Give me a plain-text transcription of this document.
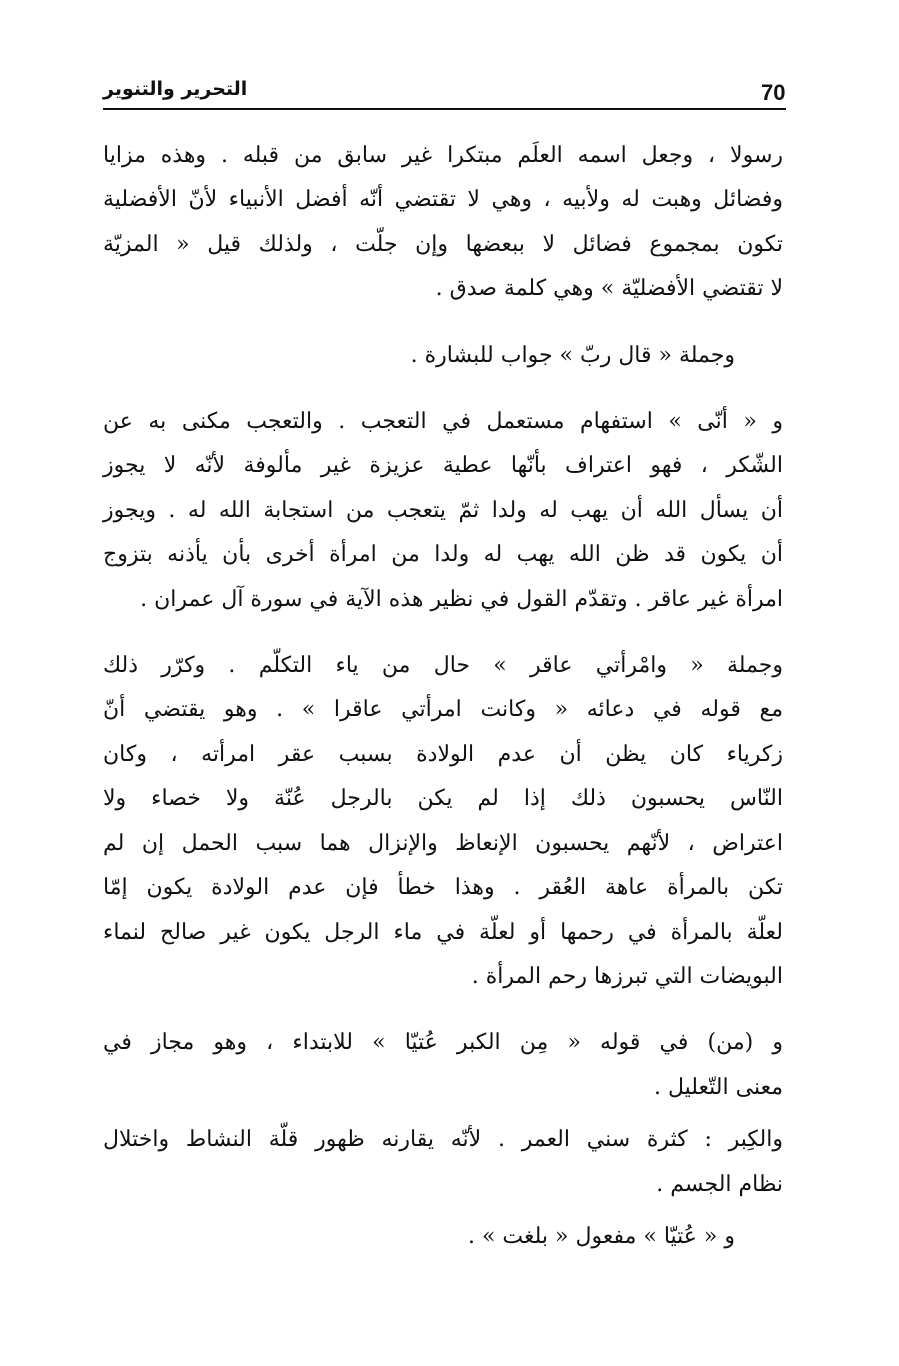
70
التحرير والتنوير
رسولا ، وجعل اسمه العلَم مبتكرا غير سابق من قبله . وهذه مزايا
وفضائل وهبت له ولأبيه ، وهي لا تقتضي أنّه أفضل الأنبياء لأنّ الأفضلية
تكون بمجموع فضائل لا ببعضها وإن جلّت ، ولذلك قيل « المزيّة
لا تقتضي الأفضليّة » وهي كلمة صدق .
وجملة « قال ربّ » جواب للبشارة .
و « أنّى » استفهام مستعمل في التعجب . والتعجب مكنى به عن
الشّكر ، فهو اعتراف بأنّها عطية عزيزة غير مألوفة لأنّه لا يجوز
أن يسأل الله أن يهب له ولدا ثمّ يتعجب من استجابة الله له . ويجوز
أن يكون قد ظن الله يهب له ولدا من امرأة أخرى بأن يأذنه بتزوج
امرأة غير عاقر . وتقدّم القول في نظير هذه الآية في سورة آل عمران .
وجملة « وامْرأتي عاقر » حال من ياء التكلّم . وكرّر ذلك
مع قوله في دعائه « وكانت امرأتي عاقرا » . وهو يقتضي أنّ
زكرياء كان يظن أن عدم الولادة بسبب عقر امرأته ، وكان
النّاس يحسبون ذلك إذا لم يكن بالرجل عُنّة ولا خصاء ولا
اعتراض ، لأنّهم يحسبون الإنعاظ والإنزال هما سبب الحمل إن لم
تكن بالمرأة عاهة العُقر . وهذا خطأ فإن عدم الولادة يكون إمّا
لعلّة بالمرأة في رحمها أو لعلّة في ماء الرجل يكون غير صالح لنماء
البويضات التي تبرزها رحم المرأة .
و (من) في قوله « مِن الكبر عُتيّا » للابتداء ، وهو مجاز في
معنى التّعليل .
والكِبر : كثرة سني العمر . لأنّه يقارنه ظهور قلّة النشاط واختلال
نظام الجسم .
و « عُتيّا » مفعول « بلغت » .
